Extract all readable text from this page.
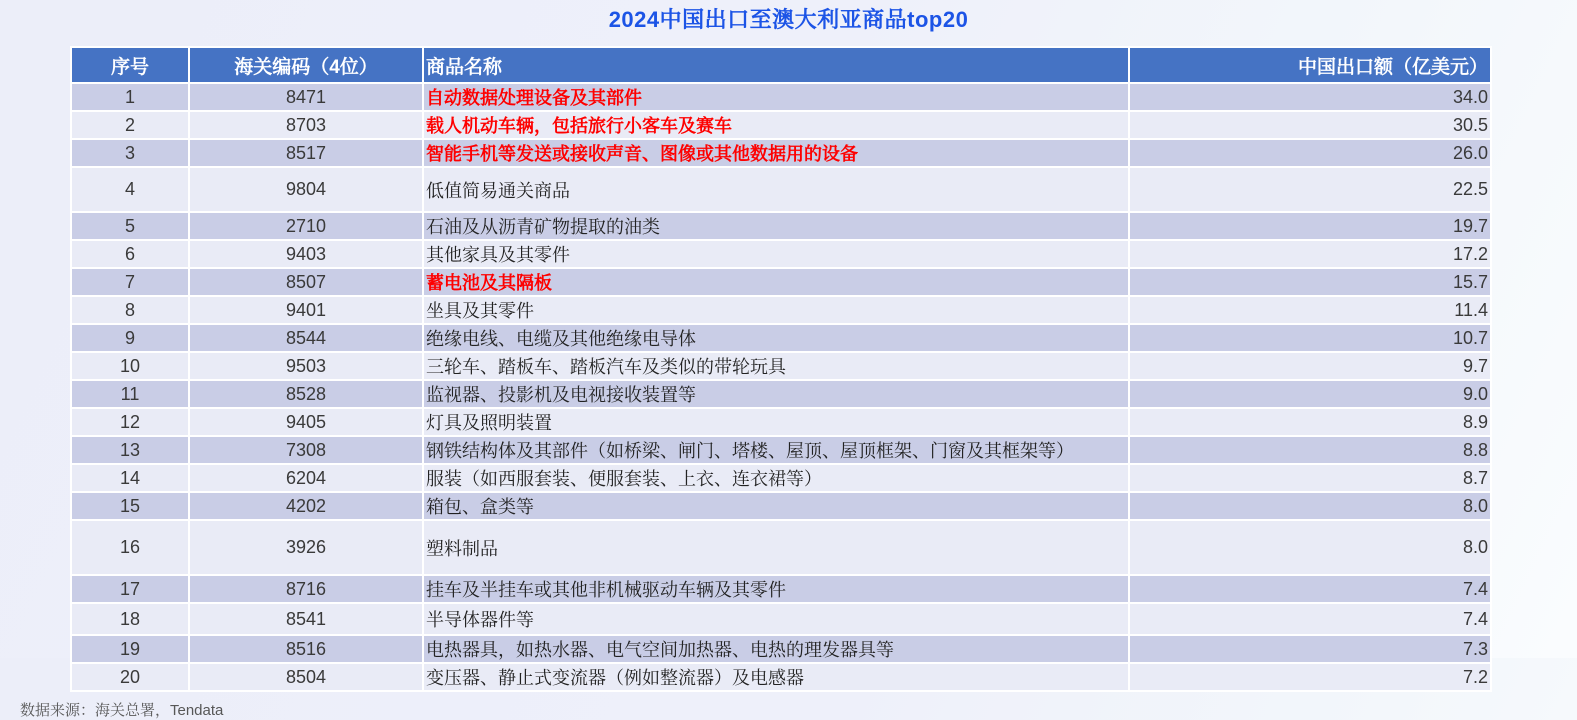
2024中国出口至澳大利亚商品top20
序号	海关编码（4位）	商品名称	中国出口额（亿美元）
1	8471	自动数据处理设备及其部件	34.0
2	8703	载人机动车辆，包括旅行小客车及赛车	30.5
3	8517	智能手机等发送或接收声音、图像或其他数据用的设备	26.0
4	9804	低值简易通关商品	22.5
5	2710	石油及从沥青矿物提取的油类	19.7
6	9403	其他家具及其零件	17.2
7	8507	蓄电池及其隔板	15.7
8	9401	坐具及其零件	11.4
9	8544	绝缘电线、电缆及其他绝缘电导体	10.7
10	9503	三轮车、踏板车、踏板汽车及类似的带轮玩具	9.7
11	8528	监视器、投影机及电视接收装置等	9.0
12	9405	灯具及照明装置	8.9
13	7308	钢铁结构体及其部件（如桥梁、闸门、塔楼、屋顶、屋顶框架、门窗及其框架等）	8.8
14	6204	服装（如西服套装、便服套装、上衣、连衣裙等）	8.7
15	4202	箱包、盒类等	8.0
16	3926	塑料制品	8.0
17	8716	挂车及半挂车或其他非机械驱动车辆及其零件	7.4
18	8541	半导体器件等	7.4
19	8516	电热器具，如热水器、电气空间加热器、电热的理发器具等	7.3
20	8504	变压器、静止式变流器（例如整流器）及电感器	7.2
数据来源：海关总署，Tendata
